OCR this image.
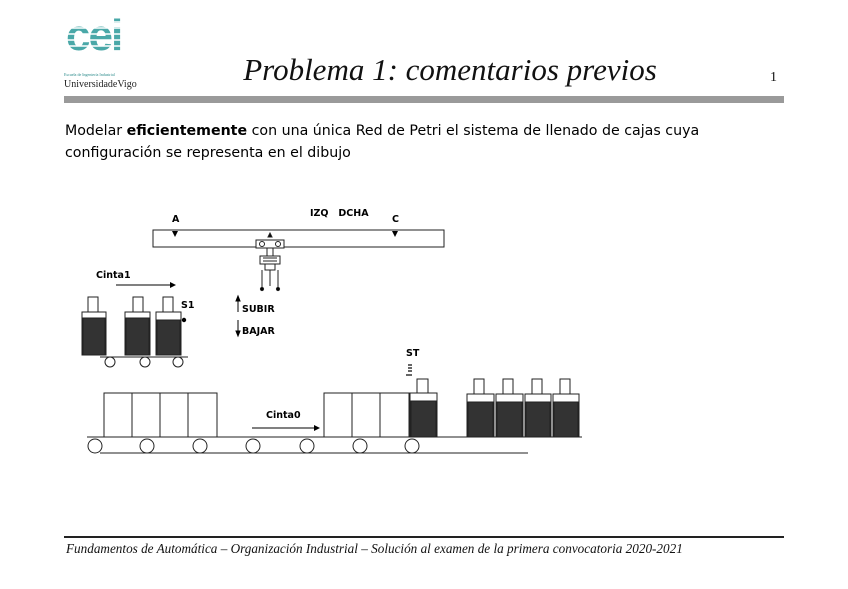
cei
Escuela de Ingeniería Industrial
UniversidadeVigo	Problema 1: comentarios previos	1
Modelar eficientemente con una única Red de Petri el sistema de llenado de cajas cuya configuración se representa en el dibujo
A	C
IZQ   DCHA
SUBIR
BAJAR
Cinta1
S1
Cinta0
ST
Fundamentos de Automática – Organización Industrial – Solución al examen de la primera convocatoria 2020-2021
